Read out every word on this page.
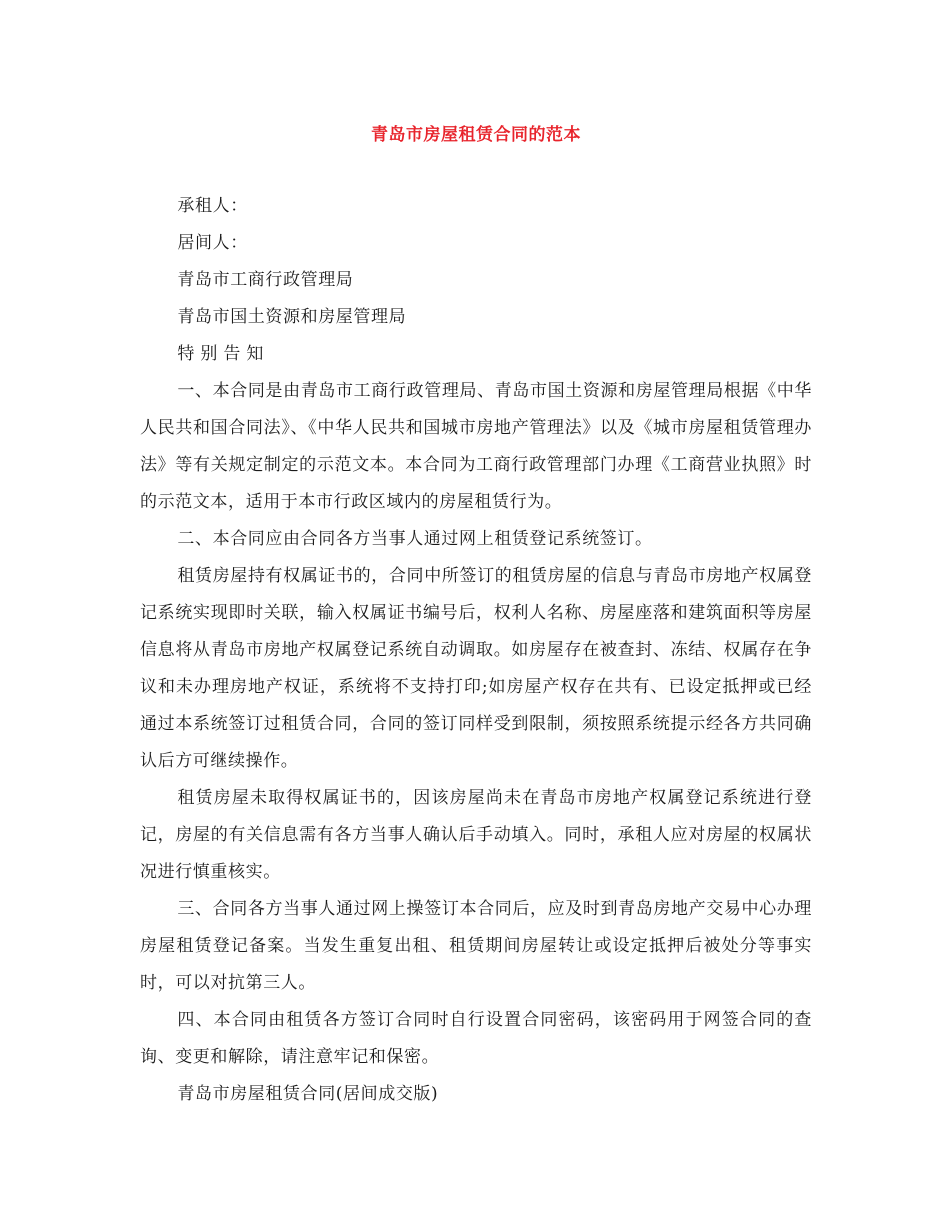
青岛市房屋租赁合同的范本

承租人：

居间人：

青岛市工商行政管理局

青岛市国土资源和房屋管理局

特别告知

一、本合同是由青岛市工商行政管理局、青岛市国土资源和房屋管理局根据《中华人民共和国合同法》、《中华人民共和国城市房地产管理法》以及《城市房屋租赁管理办法》等有关规定制定的示范文本。本合同为工商行政管理部门办理《工商营业执照》时的示范文本，适用于本市行政区域内的房屋租赁行为。

二、本合同应由合同各方当事人通过网上租赁登记系统签订。

租赁房屋持有权属证书的，合同中所签订的租赁房屋的信息与青岛市房地产权属登记系统实现即时关联，输入权属证书编号后，权利人名称、房屋座落和建筑面积等房屋信息将从青岛市房地产权属登记系统自动调取。如房屋存在被查封、冻结、权属存在争议和未办理房地产权证，系统将不支持打印;如房屋产权存在共有、已设定抵押或已经通过本系统签订过租赁合同，合同的签订同样受到限制，须按照系统提示经各方共同确认后方可继续操作。

租赁房屋未取得权属证书的，因该房屋尚未在青岛市房地产权属登记系统进行登记，房屋的有关信息需有各方当事人确认后手动填入。同时，承租人应对房屋的权属状况进行慎重核实。

三、合同各方当事人通过网上操签订本合同后，应及时到青岛房地产交易中心办理房屋租赁登记备案。当发生重复出租、租赁期间房屋转让或设定抵押后被处分等事实时，可以对抗第三人。

四、本合同由租赁各方签订合同时自行设置合同密码，该密码用于网签合同的查询、变更和解除，请注意牢记和保密。

青岛市房屋租赁合同(居间成交版)
